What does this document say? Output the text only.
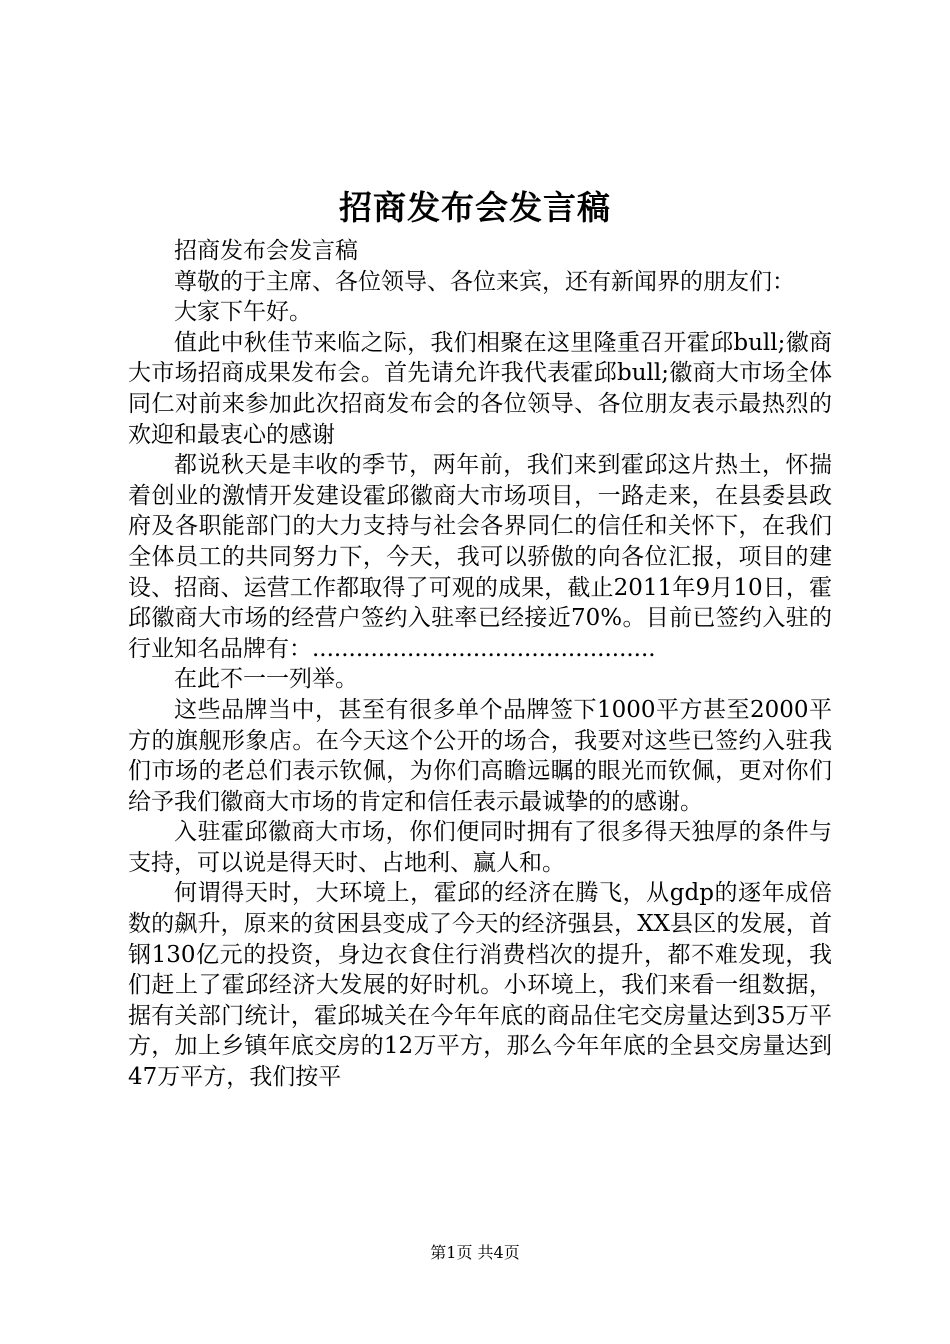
招商发布会发言稿

招商发布会发言稿

尊敬的于主席、各位领导、各位来宾，还有新闻界的朋友们：

大家下午好。

值此中秋佳节来临之际，我们相聚在这里隆重召开霍邱bull;徽商大市场招商成果发布会。首先请允许我代表霍邱bull;徽商大市场全体同仁对前来参加此次招商发布会的各位领导、各位朋友表示最热烈的欢迎和最衷心的感谢

都说秋天是丰收的季节，两年前，我们来到霍邱这片热土，怀揣着创业的激情开发建设霍邱徽商大市场项目，一路走来，在县委县政府及各职能部门的大力支持与社会各界同仁的信任和关怀下，在我们全体员工的共同努力下，今天，我可以骄傲的向各位汇报，项目的建设、招商、运营工作都取得了可观的成果，截止2011年9月10日，霍邱徽商大市场的经营户签约入驻率已经接近70%。目前已签约入驻的行业知名品牌有：...............................................

在此不一一列举。

这些品牌当中，甚至有很多单个品牌签下1000平方甚至2000平方的旗舰形象店。在今天这个公开的场合，我要对这些已签约入驻我们市场的老总们表示钦佩，为你们高瞻远瞩的眼光而钦佩，更对你们给予我们徽商大市场的肯定和信任表示最诚挚的的感谢。

入驻霍邱徽商大市场，你们便同时拥有了很多得天独厚的条件与支持，可以说是得天时、占地利、赢人和。

何谓得天时，大环境上，霍邱的经济在腾飞，从gdp的逐年成倍数的飙升，原来的贫困县变成了今天的经济强县，XX县区的发展，首钢130亿元的投资，身边衣食住行消费档次的提升，都不难发现，我们赶上了霍邱经济大发展的好时机。小环境上，我们来看一组数据，据有关部门统计，霍邱城关在今年年底的商品住宅交房量达到35万平方，加上乡镇年底交房的12万平方，那么今年年底的全县交房量达到47万平方，我们按平

第1页 共4页
